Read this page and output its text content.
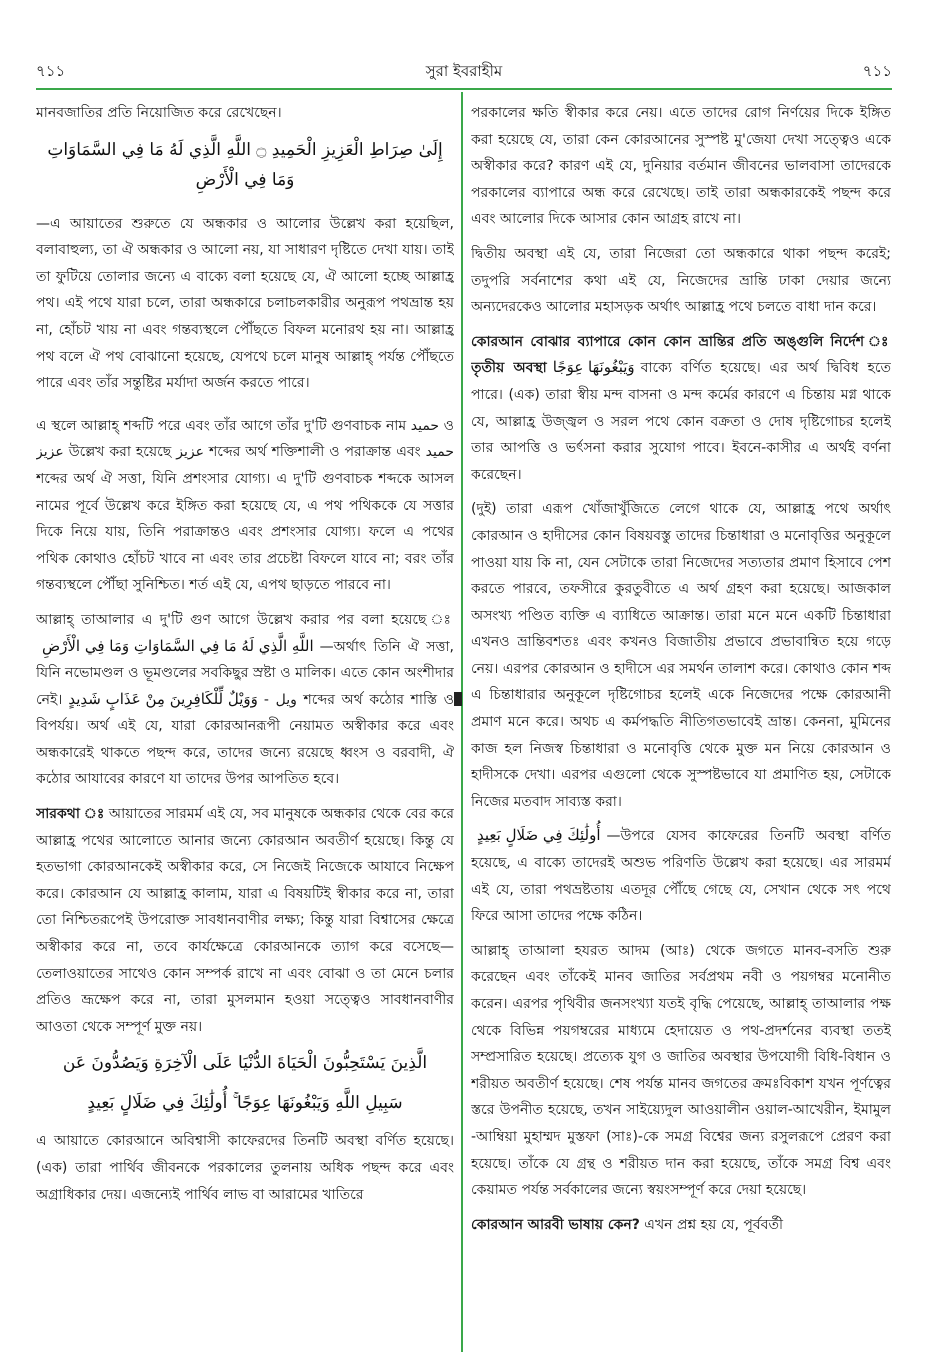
৭১১	সুরা ইবরাহীম	৭১১

মানবজাতির প্রতি নিয়োজিত করে রেখেছেন।

إِلَىٰ صِرَاطِ الْعَزِيزِ الْحَمِيدِ ۝ اللَّهِ الَّذِي لَهُ مَا فِي السَّمَاوَاتِ وَمَا فِي الْأَرْضِ

—এ আয়াতের শুরুতে যে অন্ধকার ও আলোর উল্লেখ করা হয়েছিল, বলাবাহুল্য, তা ঐ অন্ধকার ও আলো নয়, যা সাধারণ দৃষ্টিতে দেখা যায়। তাই তা ফুটিয়ে তোলার জন্যে এ বাক্যে বলা হয়েছে যে, ঐ আলো হচ্ছে আল্লাহ্র পথ। এই পথে যারা চলে, তারা অন্ধকারে চলাচলকারীর অনুরূপ পথভ্রান্ত হয় না, হোঁচট খায় না এবং গন্তব্যস্থলে পৌঁছতে বিফল মনোরথ হয় না। আল্লাহ্র পথ বলে ঐ পথ বোঝানো হয়েছে, যেপথে চলে মানুষ আল্লাহ্ পর্যন্ত পৌঁছতে পারে এবং তাঁর সন্তুষ্টির মর্যাদা অর্জন করতে পারে।

এ স্থলে আল্লাহ্ শব্দটি পরে এবং তাঁর আগে তাঁর দু'টি গুণবাচক নাম حميد ও عزيز উল্লেখ করা হয়েছে عزيز শব্দের অর্থ শক্তিশালী ও পরাক্রান্ত এবং حميد শব্দের অর্থ ঐ সত্তা, যিনি প্রশংসার যোগ্য। এ দু'টি গুণবাচক শব্দকে আসল নামের পূর্বে উল্লেখ করে ইঙ্গিত করা হয়েছে যে, এ পথ পথিককে যে সত্তার দিকে নিয়ে যায়, তিনি পরাক্রান্তও এবং প্রশংসার যোগ্য। ফলে এ পথের পথিক কোথাও হোঁচট খাবে না এবং তার প্রচেষ্টা বিফলে যাবে না; বরং তাঁর গন্তব্যস্থলে পৌঁছা সুনিশ্চিত। শর্ত এই যে, এপথ ছাড়তে পারবে না।

আল্লাহ্ তাআলার এ দু'টি গুণ আগে উল্লেখ করার পর বলা হয়েছে ঃاللَّهِ الَّذِي لَهُ مَا فِي السَّمَاوَاتِ وَمَا فِي الْأَرْضِ —অর্থাৎ তিনি ঐ সত্তা, যিনি নভোমণ্ডল ও ভূমণ্ডলের সবকিছুর স্রষ্টা ও মালিক। এতে কোন অংশীদার নেই। وَوَيْلٌ لِّلْكَافِرِينَ مِنْ عَذَابٍ شَدِيدٍ - ويل শব্দের অর্থ কঠোর শাস্তি ও বিপর্যয়। অর্থ এই যে, যারা কোরআনরূপী নেয়ামত অস্বীকার করে এবং অন্ধকারেই থাকতে পছন্দ করে, তাদের জন্যে রয়েছে ধ্বংস ও বরবাদী, ঐ কঠোর আযাবের কারণে যা তাদের উপর আপতিত হবে।

সারকথা ঃ আয়াতের সারমর্ম এই যে, সব মানুষকে অন্ধকার থেকে বের করে আল্লাহ্র পথের আলোতে আনার জন্যে কোরআন অবতীর্ণ হয়েছে। কিন্তু যে হতভাগা কোরআনকেই অস্বীকার করে, সে নিজেই নিজেকে আযাবে নিক্ষেপ করে। কোরআন যে আল্লাহ্র কালাম, যারা এ বিষয়টিই স্বীকার করে না, তারা তো নিশ্চিতরূপেই উপরোক্ত সাবধানবাণীর লক্ষ্য; কিন্তু যারা বিশ্বাসের ক্ষেত্রে অস্বীকার করে না, তবে কার্যক্ষেত্রে কোরআনকে ত্যাগ করে বসেছে—তেলাওয়াতের সাথেও কোন সম্পর্ক রাখে না এবং বোঝা ও তা মেনে চলার প্রতিও ভ্রূক্ষেপ করে না, তারা মুসলমান হওয়া সত্ত্বেও সাবধানবাণীর আওতা থেকে সম্পূর্ণ মুক্ত নয়।

الَّذِينَ يَسْتَحِبُّونَ الْحَيَاةَ الدُّنْيَا عَلَى الْآخِرَةِ وَيَصُدُّونَ عَن
سَبِيلِ اللَّهِ وَيَبْغُونَهَا عِوَجًا ۚ أُولَٰئِكَ فِي ضَلَالٍ بَعِيدٍ

এ আয়াতে কোরআনে অবিশ্বাসী কাফেরদের তিনটি অবস্থা বর্ণিত হয়েছে। (এক) তারা পার্থিব জীবনকে পরকালের তুলনায় অধিক পছন্দ করে এবং অগ্রাধিকার দেয়। এজন্যেই পার্থিব লাভ বা আরামের খাতিরে

পরকালের ক্ষতি স্বীকার করে নেয়। এতে তাদের রোগ নির্ণয়ের দিকে ইঙ্গিত করা হয়েছে যে, তারা কেন কোরআনের সুস্পষ্ট মু'জেযা দেখা সত্ত্বেও একে অস্বীকার করে? কারণ এই যে, দুনিয়ার বর্তমান জীবনের ভালবাসা তাদেরকে পরকালের ব্যাপারে অন্ধ করে রেখেছে। তাই তারা অন্ধকারকেই পছন্দ করে এবং আলোর দিকে আসার কোন আগ্রহ রাখে না।

দ্বিতীয় অবস্থা এই যে, তারা নিজেরা তো অন্ধকারে থাকা পছন্দ করেই; তদুপরি সর্বনাশের কথা এই যে, নিজেদের ভ্রান্তি ঢাকা দেয়ার জন্যে অন্যদেরকেও আলোর মহাসড়ক অর্থাৎ আল্লাহ্র পথে চলতে বাধা দান করে।

কোরআন বোঝার ব্যাপারে কোন কোন ভ্রান্তির প্রতি অঙ্গুলি নির্দেশ ঃ তৃতীয় অবস্থা وَيَبْغُونَهَا عِوَجًا বাক্যে বর্ণিত হয়েছে। এর অর্থ দ্বিবিধ হতে পারে। (এক) তারা স্বীয় মন্দ বাসনা ও মন্দ কর্মের কারণে এ চিন্তায় মগ্ন থাকে যে, আল্লাহ্র উজ্জ্বল ও সরল পথে কোন বক্রতা ও দোষ দৃষ্টিগোচর হলেই তার আপত্তি ও ভর্ৎসনা করার সুযোগ পাবে। ইবনে-কাসীর এ অর্থই বর্ণনা করেছেন।

(দুই) তারা এরূপ খোঁজাখুঁজিতে লেগে থাকে যে, আল্লাহ্র পথে অর্থাৎ কোরআন ও হাদীসের কোন বিষয়বস্তু তাদের চিন্তাধারা ও মনোবৃত্তির অনুকূলে পাওয়া যায় কি না, যেন সেটাকে তারা নিজেদের সত্যতার প্রমাণ হিসাবে পেশ করতে পারবে, তফসীরে কুরতুবীতে এ অর্থ গ্রহণ করা হয়েছে। আজকাল অসংখ্য পণ্ডিত ব্যক্তি এ ব্যাধিতে আক্রান্ত। তারা মনে মনে একটি চিন্তাধারা এখনও ভ্রান্তিবশতঃ এবং কখনও বিজাতীয় প্রভাবে প্রভাবান্বিত হয়ে গড়ে নেয়। এরপর কোরআন ও হাদীসে এর সমর্থন তালাশ করে। কোথাও কোন শব্দ এ চিন্তাধারার অনুকূলে দৃষ্টিগোচর হলেই একে নিজেদের পক্ষে কোরআনী প্রমাণ মনে করে। অথচ এ কর্মপদ্ধতি নীতিগতভাবেই ভ্রান্ত। কেননা, মুমিনের কাজ হল নিজস্ব চিন্তাধারা ও মনোবৃত্তি থেকে মুক্ত মন নিয়ে কোরআন ও হাদীসকে দেখা। এরপর এগুলো থেকে সুস্পষ্টভাবে যা প্রমাণিত হয়, সেটাকে নিজের মতবাদ সাব্যস্ত করা।

أُولَٰئِكَ فِي ضَلَالٍ بَعِيدٍ —উপরে যেসব কাফেরের তিনটি অবস্থা বর্ণিত হয়েছে, এ বাক্যে তাদেরই অশুভ পরিণতি উল্লেখ করা হয়েছে। এর সারমর্ম এই যে, তারা পথভ্রষ্টতায় এতদূর পৌঁছে গেছে যে, সেখান থেকে সৎ পথে ফিরে আসা তাদের পক্ষে কঠিন।

আল্লাহ্ তাআলা হযরত আদম (আঃ) থেকে জগতে মানব-বসতি শুরু করেছেন এবং তাঁকেই মানব জাতির সর্বপ্রথম নবী ও পয়গম্বর মনোনীত করেন। এরপর পৃথিবীর জনসংখ্যা যতই বৃদ্ধি পেয়েছে, আল্লাহ্ তাআলার পক্ষ থেকে বিভিন্ন পয়গম্বরের মাধ্যমে হেদায়েত ও পথ-প্রদর্শনের ব্যবস্থা ততই সম্প্রসারিত হয়েছে। প্রত্যেক যুগ ও জাতির অবস্থার উপযোগী বিধি-বিধান ও শরীয়ত অবতীর্ণ হয়েছে। শেষ পর্যন্ত মানব জগতের ক্রমঃবিকাশ যখন পূর্ণত্বের স্তরে উপনীত হয়েছে, তখন সাইয়্যেদুল আওয়ালীন ওয়াল-আখেরীন, ইমামুল -আম্বিয়া মুহাম্মদ মুস্তফা (সাঃ)-কে সমগ্র বিশ্বের জন্য রসুলরূপে প্রেরণ করা হয়েছে। তাঁকে যে গ্রন্থ ও শরীয়ত দান করা হয়েছে, তাঁকে সমগ্র বিশ্ব এবং কেয়ামত পর্যন্ত সর্বকালের জন্যে স্বয়ংসম্পূর্ণ করে দেয়া হয়েছে।

কোরআন আরবী ভাষায় কেন? এখন প্রশ্ন হয় যে, পূর্ববর্তী
